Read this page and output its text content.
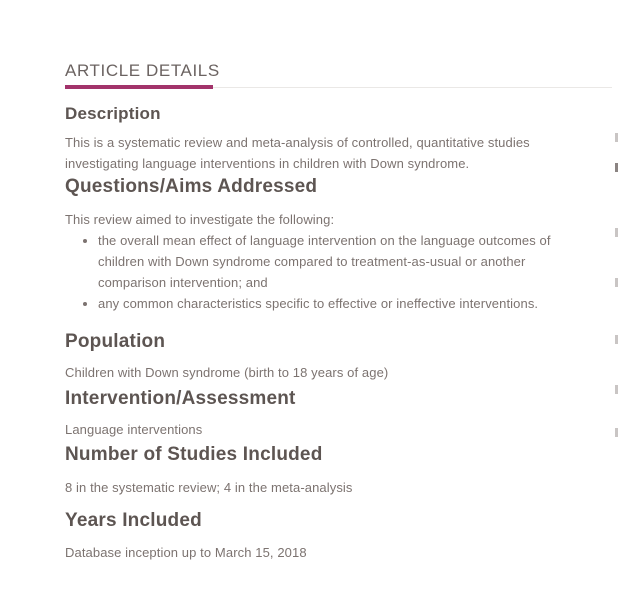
ARTICLE DETAILS
Description

This is a systematic review and meta-analysis of controlled, quantitative studies investigating language interventions in children with Down syndrome.

Questions/Aims Addressed

This review aimed to investigate the following:

• the overall mean effect of language intervention on the language outcomes of children with Down syndrome compared to treatment-as-usual or another comparison intervention; and
• any common characteristics specific to effective or ineffective interventions.
Population

Children with Down syndrome (birth to 18 years of age)

Intervention/Assessment

Language interventions

Number of Studies Included

8 in the systematic review; 4 in the meta-analysis

Years Included

Database inception up to March 15, 2018
